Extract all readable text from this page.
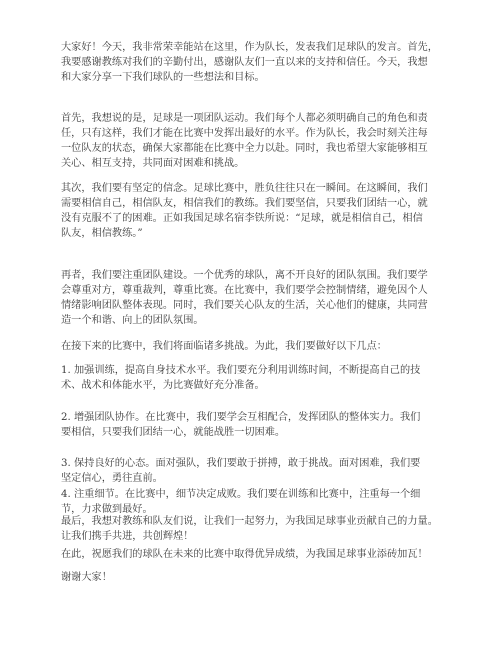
大家好！今天，我非常荣幸能站在这里，作为队长，发表我们足球队的发言。首先，
我要感谢教练对我们的辛勤付出，感谢队友们一直以来的支持和信任。今天，我想
和大家分享一下我们球队的一些想法和目标。

首先，我想说的是，足球是一项团队运动。我们每个人都必须明确自己的角色和责
任，只有这样，我们才能在比赛中发挥出最好的水平。作为队长，我会时刻关注每
一位队友的状态，确保大家都能在比赛中全力以赴。同时，我也希望大家能够相互
关心、相互支持，共同面对困难和挑战。

其次，我们要有坚定的信念。足球比赛中，胜负往往只在一瞬间。在这瞬间，我们
需要相信自己，相信队友，相信我们的教练。我们要坚信，只要我们团结一心，就
没有克服不了的困难。正如我国足球名宿李铁所说：“足球，就是相信自己，相信
队友，相信教练。”

再者，我们要注重团队建设。一个优秀的球队，离不开良好的团队氛围。我们要学
会尊重对方，尊重裁判，尊重比赛。在比赛中，我们要学会控制情绪，避免因个人
情绪影响团队整体表现。同时，我们要关心队友的生活，关心他们的健康，共同营
造一个和谐、向上的团队氛围。

在接下来的比赛中，我们将面临诸多挑战。为此，我们要做好以下几点：

1. 加强训练，提高自身技术水平。我们要充分利用训练时间，不断提高自己的技
术、战术和体能水平，为比赛做好充分准备。

2. 增强团队协作。在比赛中，我们要学会互相配合，发挥团队的整体实力。我们
要相信，只要我们团结一心，就能战胜一切困难。

3. 保持良好的心态。面对强队，我们要敢于拼搏，敢于挑战。面对困难，我们要
坚定信心，勇往直前。

4. 注重细节。在比赛中，细节决定成败。我们要在训练和比赛中，注重每一个细
节，力求做到最好。

最后，我想对教练和队友们说，让我们一起努力，为我国足球事业贡献自己的力量。
让我们携手共进，共创辉煌！

在此，祝愿我们的球队在未来的比赛中取得优异成绩，为我国足球事业添砖加瓦！

谢谢大家！
